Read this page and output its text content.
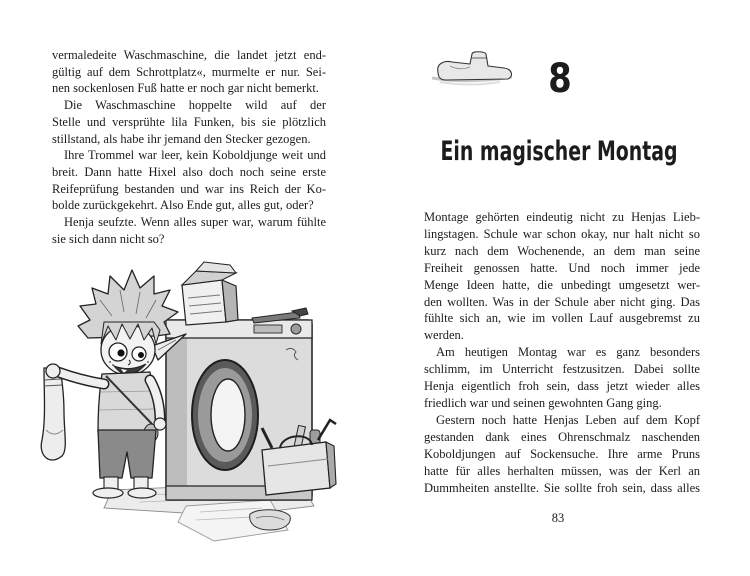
vermaledeite Waschmaschine, die landet jetzt end-
gültig auf dem Schrottplatz«, murmelte er nur. Sei-
nen sockenlosen Fuß hatte er noch gar nicht bemerkt.
Die Waschmaschine hoppelte wild auf der
Stelle und versprühte lila Funken, bis sie plötzlich
stillstand, als habe ihr jemand den Stecker gezogen.
Ihre Trommel war leer, kein Koboldjunge weit und
breit. Dann hatte Hixel also doch noch seine erste
Reifeprüfung bestanden und war ins Reich der Ko-
bolde zurückgekehrt. Also Ende gut, alles gut, oder?
Henja seufzte. Wenn alles super war, warum fühlte
sie sich dann nicht so?
8
Ein magischer Montag
Montage gehörten eindeutig nicht zu Henjas Lieb-
lingstagen. Schule war schon okay, nur halt nicht so
kurz nach dem Wochenende, an dem man seine
Freiheit genossen hatte. Und noch immer jede
Menge Ideen hatte, die unbedingt umgesetzt wer-
den wollten. Was in der Schule aber nicht ging. Das
fühlte sich an, wie im vollen Lauf ausgebremst zu
werden.
Am heutigen Montag war es ganz besonders
schlimm, im Unterricht festzusitzen. Dabei sollte
Henja eigentlich froh sein, dass jetzt wieder alles
friedlich war und seinen gewohnten Gang ging.
Gestern noch hatte Henjas Leben auf dem Kopf
gestanden dank eines Ohrenschmalz naschenden
Koboldjungen auf Sockensuche. Ihre arme Pruns
hatte für alles herhalten müssen, was der Kerl an
Dummheiten anstellte. Sie sollte froh sein, dass alles
83
